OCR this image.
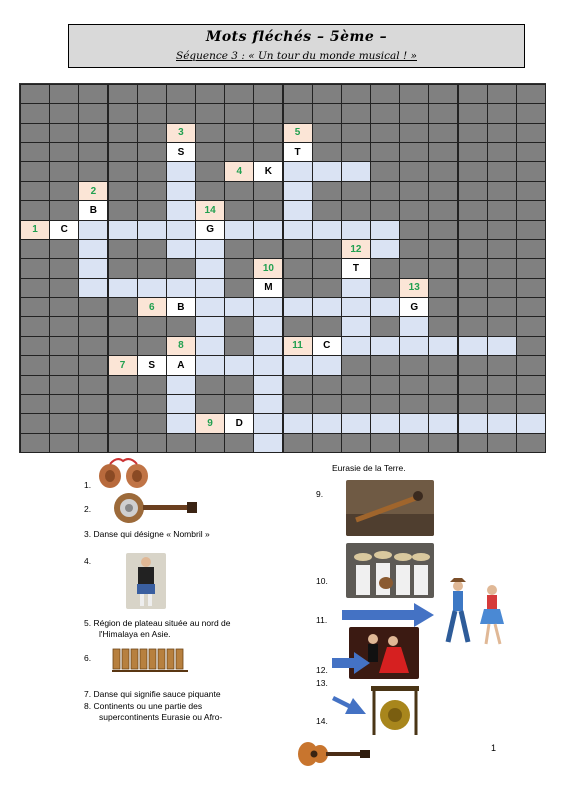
Mots fléchés – 5ème –
Séquence 3 : « Un tour du monde musical ! »
3	5
S	T
4	K
2
B	14
1	C	G
12
10	T
M	13
6	B	G
8	11	C
7	S	A
9	D
1.
2.
3. Danse qui désigne « Nombril »
4.
5. Région de plateau située au nord de
l'Himalaya en Asie.
6.
7. Danse qui signifie sauce piquante
8. Continents ou une partie des
supercontinents Eurasie ou Afro-
Eurasie de la Terre.
9.
10.
11.
12.
13.
14.
1
